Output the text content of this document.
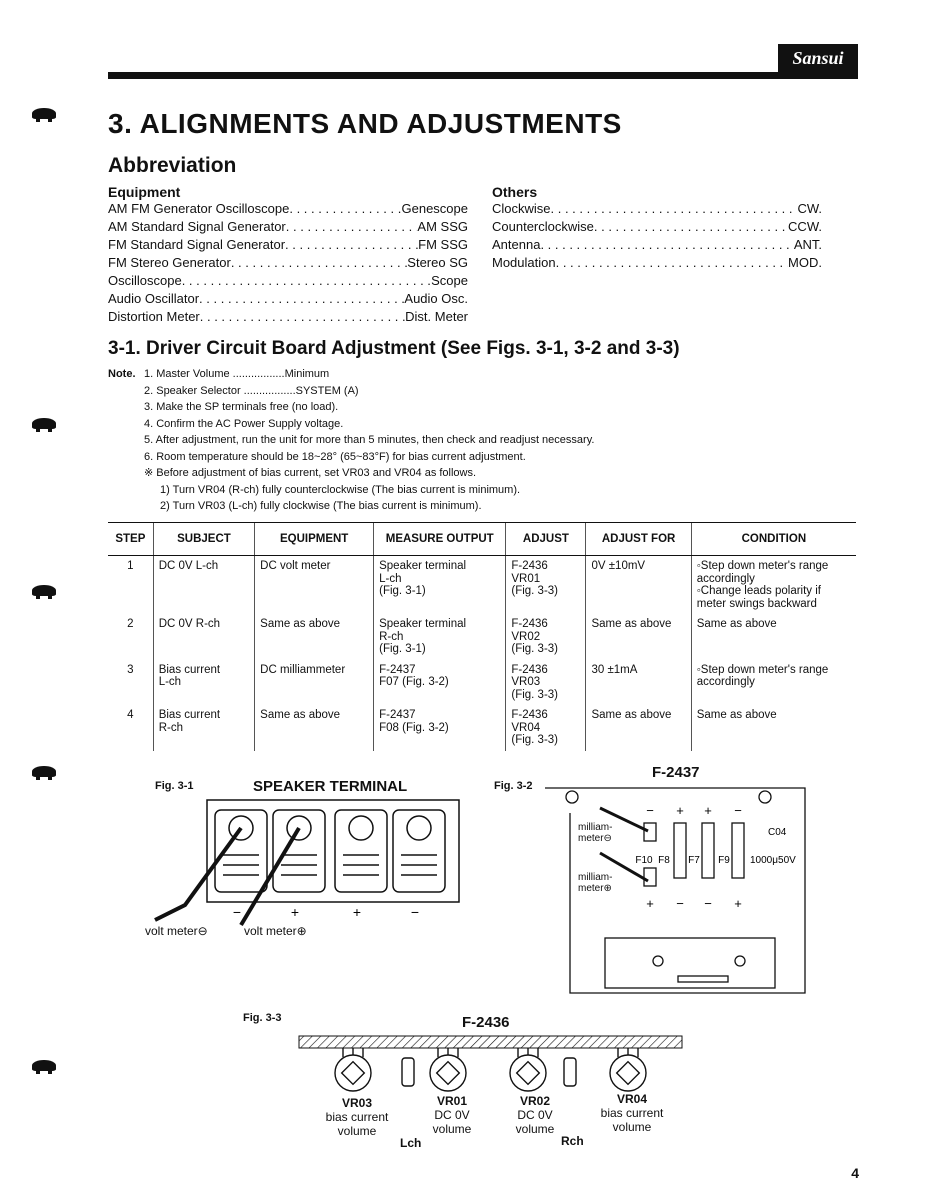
Sansui
3. ALIGNMENTS AND ADJUSTMENTS
Abbreviation
Equipment
AM FM Generator Oscilloscope . . .	Genescope
AM Standard Signal Generator . . .	AM SSG
FM Standard Signal Generator . . .	FM SSG
FM Stereo Generator . . .	Stereo SG
Oscilloscope . . .	Scope
Audio Oscillator . . .	Audio Osc.
Distortion Meter . . .	Dist. Meter
Others
Clockwise . . .	CW.
Counterclockwise . . .	CCW.
Antenna . . .	ANT.
Modulation . . .	MOD.
3-1. Driver Circuit Board Adjustment (See Figs. 3-1, 3-2 and 3-3)
Note. 1. Master Volume .................Minimum
2. Speaker Selector .................SYSTEM (A)
3. Make the SP terminals free (no load).
4. Confirm the AC Power Supply voltage.
5. After adjustment, run the unit for more than 5 minutes, then check and readjust necessary.
6. Room temperature should be 18~28° (65~83°F) for bias current adjustment.
※ Before adjustment of bias current, set VR03 and VR04 as follows.
1) Turn VR04 (R-ch) fully counterclockwise (The bias current is minimum).
2) Turn VR03 (L-ch) fully clockwise (The bias current is minimum).
STEP	SUBJECT	EQUIPMENT	MEASURE OUTPUT	ADJUST	ADJUST FOR	CONDITION
1	DC 0V L-ch	DC volt meter	Speaker terminal
L-ch
(Fig. 3-1)	F-2436
VR01
(Fig. 3-3)	0V ±10mV	◦Step down meter's range accordingly
◦Change leads polarity if meter swings backward
2	DC 0V R-ch	Same as above	Speaker terminal
R-ch
(Fig. 3-1)	F-2436
VR02
(Fig. 3-3)	Same as above	Same as above
3	Bias current
L-ch	DC milliammeter	F-2437
F07 (Fig. 3-2)	F-2436
VR03
(Fig. 3-3)	30 ±1mA	◦Step down meter's range accordingly
4	Bias current
R-ch	Same as above	F-2437
F08 (Fig. 3-2)	F-2436
VR04
(Fig. 3-3)	Same as above	Same as above
Fig. 3-1	SPEAKER TERMINAL
−	+	+	−
volt meter⊖	volt meter⊕
Fig. 3-2
F-2437
− + + −
+ − − +
F10 F8 F7 F9
C04
1000μ50V
milliam-
meter⊖
milliam-
meter⊕
Fig. 3-3	F-2436
VR03
bias current
volume
VR01
DC 0V
volume
VR02
DC 0V
volume
VR04
bias current
volume
Lch	Rch
4
